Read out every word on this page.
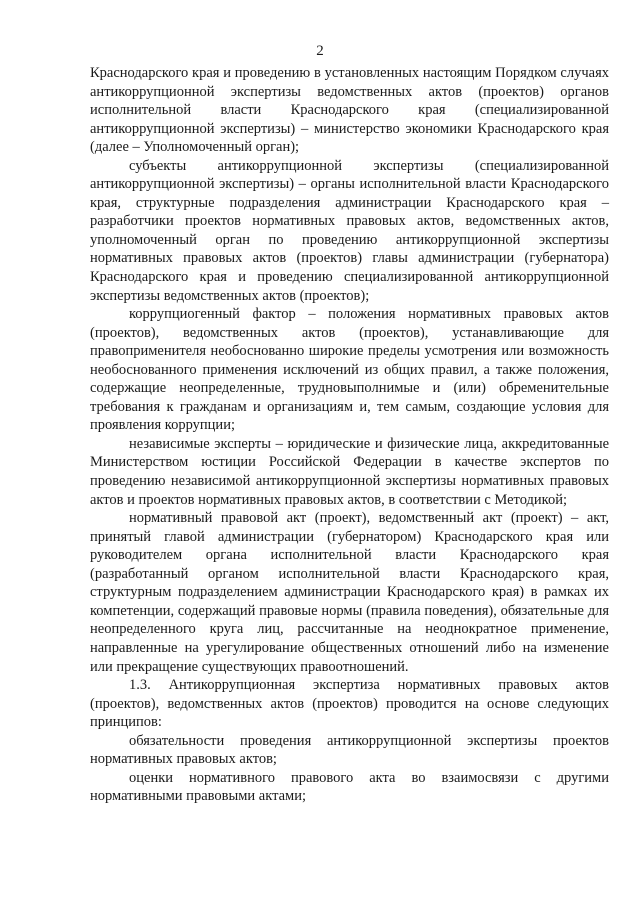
2

Краснодарского края и проведению в установленных настоящим Порядком случаях антикоррупционной экспертизы ведомственных актов (проектов) органов исполнительной власти Краснодарского края (специализированной антикоррупционной экспертизы) – министерство экономики Краснодарского края (далее – Уполномоченный орган);

субъекты антикоррупционной экспертизы (специализированной антикоррупционной экспертизы) – органы исполнительной власти Краснодарского края, структурные подразделения администрации Краснодарского края – разработчики проектов нормативных правовых актов, ведомственных актов, уполномоченный орган по проведению антикоррупционной экспертизы нормативных правовых актов (проектов) главы администрации (губернатора) Краснодарского края и проведению специализированной антикоррупционной экспертизы ведомственных актов (проектов);

коррупциогенный фактор – положения нормативных правовых актов (проектов), ведомственных актов (проектов), устанавливающие для правоприменителя необоснованно широкие пределы усмотрения или возможность необоснованного применения исключений из общих правил, а также положения, содержащие неопределенные, трудновыполнимые и (или) обременительные требования к гражданам и организациям и, тем самым, создающие условия для проявления коррупции;

независимые эксперты – юридические и физические лица, аккредитованные Министерством юстиции Российской Федерации в качестве экспертов по проведению независимой антикоррупционной экспертизы нормативных правовых актов и проектов нормативных правовых актов, в соответствии с Методикой;

нормативный правовой акт (проект), ведомственный акт (проект) – акт, принятый главой администрации (губернатором) Краснодарского края или руководителем органа исполнительной власти Краснодарского края (разработанный органом исполнительной власти Краснодарского края, структурным подразделением администрации Краснодарского края) в рамках их компетенции, содержащий правовые нормы (правила поведения), обязательные для неопределенного круга лиц, рассчитанные на неоднократное применение, направленные на урегулирование общественных отношений либо на изменение или прекращение существующих правоотношений.

1.3. Антикоррупционная экспертиза нормативных правовых актов (проектов), ведомственных актов (проектов) проводится на основе следующих принципов:

обязательности проведения антикоррупционной экспертизы проектов нормативных правовых актов;

оценки нормативного правового акта во взаимосвязи с другими нормативными правовыми актами;
